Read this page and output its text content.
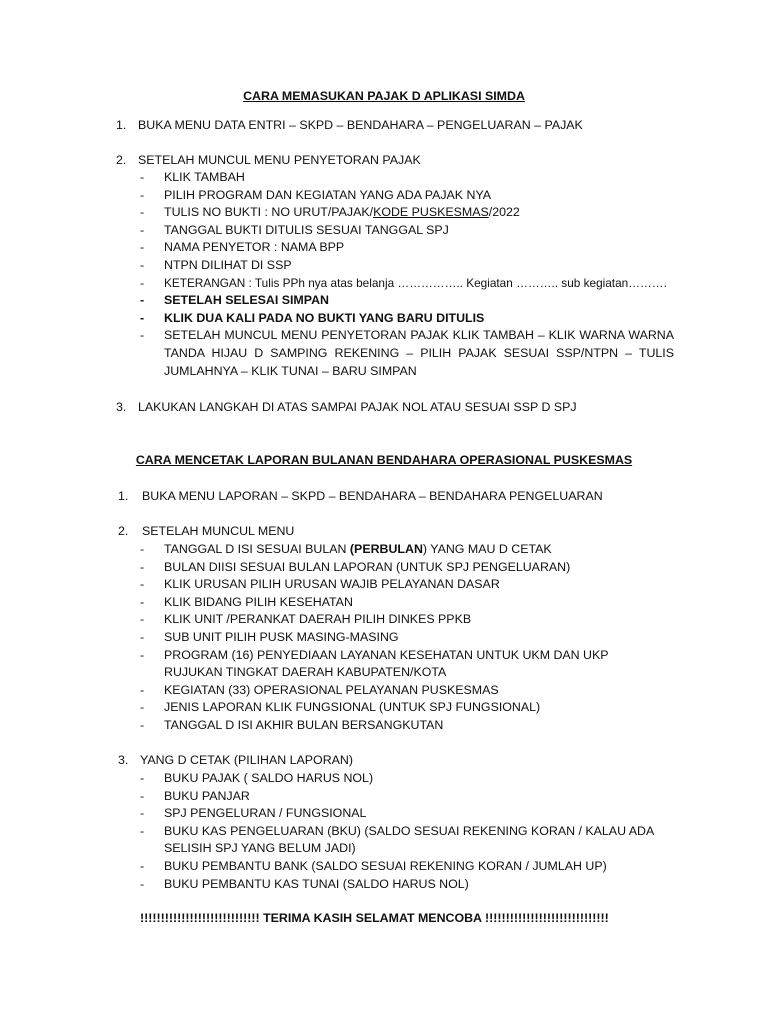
CARA MEMASUKAN PAJAK D APLIKASI SIMDA
1. BUKA MENU DATA ENTRI – SKPD – BENDAHARA – PENGELUARAN – PAJAK
2. SETELAH MUNCUL MENU PENYETORAN PAJAK
- KLIK TAMBAH
- PILIH PROGRAM DAN KEGIATAN YANG ADA PAJAK NYA
- TULIS NO BUKTI : NO URUT/PAJAK/KODE PUSKESMAS/2022
- TANGGAL BUKTI DITULIS SESUAI TANGGAL SPJ
- NAMA PENYETOR : NAMA BPP
- NTPN DILIHAT DI SSP
- KETERANGAN : Tulis PPh nya atas belanja …………….. Kegiatan ……….. sub kegiatan……….
- SETELAH SELESAI SIMPAN
- KLIK DUA KALI PADA NO BUKTI YANG BARU DITULIS
- SETELAH MUNCUL MENU PENYETORAN PAJAK KLIK TAMBAH – KLIK WARNA WARNA TANDA HIJAU D SAMPING REKENING – PILIH PAJAK SESUAI SSP/NTPN – TULIS JUMLAHNYA – KLIK TUNAI – BARU SIMPAN
3. LAKUKAN LANGKAH DI ATAS SAMPAI PAJAK NOL ATAU SESUAI SSP D SPJ
CARA MENCETAK LAPORAN BULANAN BENDAHARA OPERASIONAL PUSKESMAS
1. BUKA MENU LAPORAN – SKPD – BENDAHARA – BENDAHARA PENGELUARAN
2. SETELAH MUNCUL MENU
- TANGGAL D ISI SESUAI BULAN (PERBULAN) YANG MAU D CETAK
- BULAN DIISI SESUAI BULAN LAPORAN (UNTUK SPJ PENGELUARAN)
- KLIK URUSAN PILIH URUSAN WAJIB PELAYANAN DASAR
- KLIK BIDANG PILIH KESEHATAN
- KLIK UNIT /PERANKAT DAERAH PILIH DINKES PPKB
- SUB UNIT PILIH PUSK MASING-MASING
- PROGRAM (16) PENYEDIAAN LAYANAN KESEHATAN UNTUK UKM DAN UKP RUJUKAN TINGKAT DAERAH KABUPATEN/KOTA
- KEGIATAN (33) OPERASIONAL PELAYANAN PUSKESMAS
- JENIS LAPORAN KLIK FUNGSIONAL (UNTUK SPJ FUNGSIONAL)
- TANGGAL D ISI AKHIR BULAN BERSANGKUTAN
3. YANG D CETAK (PILIHAN LAPORAN)
- BUKU PAJAK ( SALDO HARUS NOL)
- BUKU PANJAR
- SPJ PENGELURAN / FUNGSIONAL
- BUKU KAS PENGELUARAN (BKU) (SALDO SESUAI REKENING KORAN / KALAU ADA SELISIH SPJ YANG BELUM JADI)
- BUKU PEMBANTU BANK (SALDO SESUAI REKENING KORAN / JUMLAH UP)
- BUKU PEMBANTU KAS TUNAI (SALDO HARUS NOL)
!!!!!!!!!!!!!!!!!!!!!!!!!!!!! TERIMA KASIH SELAMAT MENCOBA !!!!!!!!!!!!!!!!!!!!!!!!!!!!!!
